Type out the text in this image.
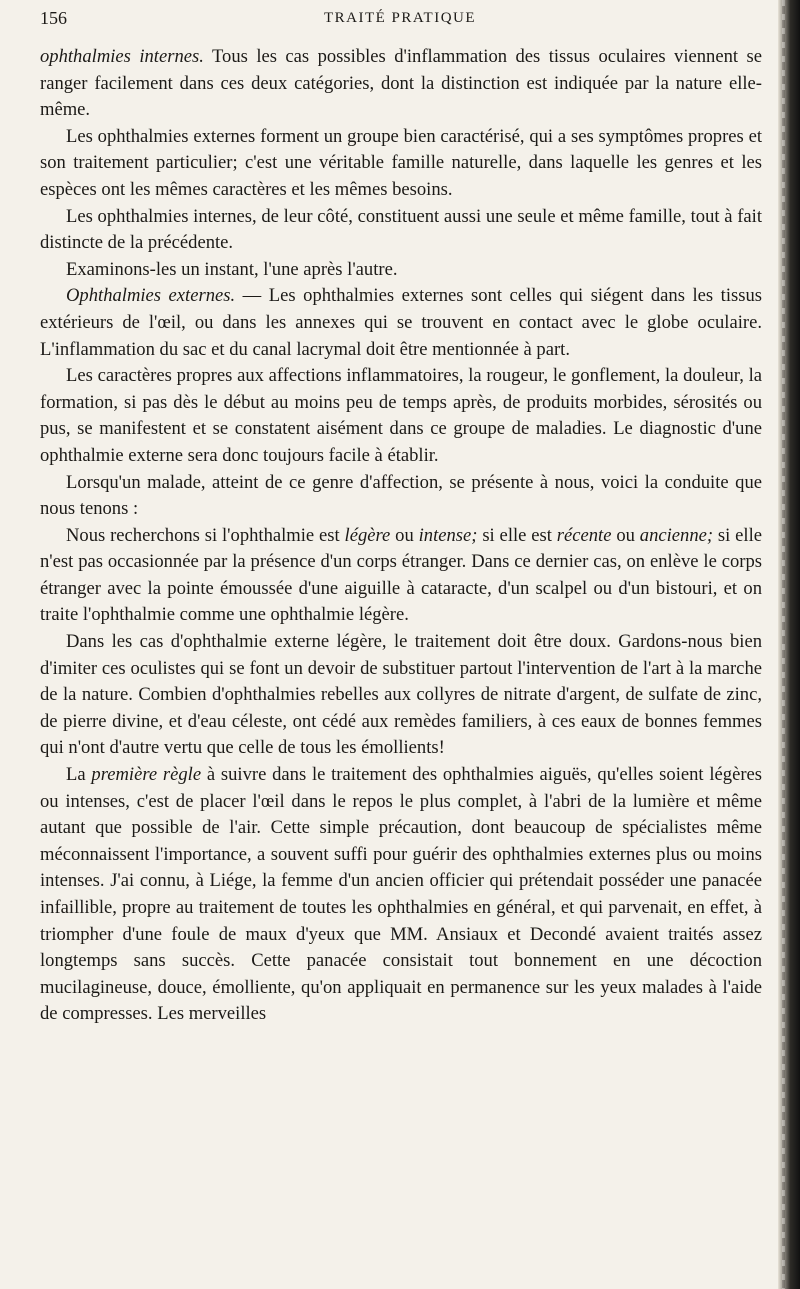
156	TRAITÉ PRATIQUE

ophthalmies internes. Tous les cas possibles d'inflammation des tissus oculaires viennent se ranger facilement dans ces deux catégories, dont la distinction est indiquée par la nature elle-même.

Les ophthalmies externes forment un groupe bien caractérisé, qui a ses symptômes propres et son traitement particulier; c'est une véritable famille naturelle, dans laquelle les genres et les espèces ont les mêmes caractères et les mêmes besoins.

Les ophthalmies internes, de leur côté, constituent aussi une seule et même famille, tout à fait distincte de la précédente.

Examinons-les un instant, l'une après l'autre.

Ophthalmies externes. — Les ophthalmies externes sont celles qui siégent dans les tissus extérieurs de l'œil, ou dans les annexes qui se trouvent en contact avec le globe oculaire. L'inflammation du sac et du canal lacrymal doit être mentionnée à part.

Les caractères propres aux affections inflammatoires, la rougeur, le gonflement, la douleur, la formation, si pas dès le début au moins peu de temps après, de produits morbides, sérosités ou pus, se manifestent et se constatent aisément dans ce groupe de maladies. Le diagnostic d'une ophthalmie externe sera donc toujours facile à établir.

Lorsqu'un malade, atteint de ce genre d'affection, se présente à nous, voici la conduite que nous tenons :

Nous recherchons si l'ophthalmie est légère ou intense; si elle est récente ou ancienne; si elle n'est pas occasionnée par la présence d'un corps étranger. Dans ce dernier cas, on enlève le corps étranger avec la pointe émoussée d'une aiguille à cataracte, d'un scalpel ou d'un bistouri, et on traite l'ophthalmie comme une ophthalmie légère.

Dans les cas d'ophthalmie externe légère, le traitement doit être doux. Gardons-nous bien d'imiter ces oculistes qui se font un devoir de substituer partout l'intervention de l'art à la marche de la nature. Combien d'ophthalmies rebelles aux collyres de nitrate d'argent, de sulfate de zinc, de pierre divine, et d'eau céleste, ont cédé aux remèdes familiers, à ces eaux de bonnes femmes qui n'ont d'autre vertu que celle de tous les émollients!

La première règle à suivre dans le traitement des ophthalmies aiguës, qu'elles soient légères ou intenses, c'est de placer l'œil dans le repos le plus complet, à l'abri de la lumière et même autant que possible de l'air. Cette simple précaution, dont beaucoup de spécialistes même méconnaissent l'importance, a souvent suffi pour guérir des ophthalmies externes plus ou moins intenses. J'ai connu, à Liége, la femme d'un ancien officier qui prétendait posséder une panacée infaillible, propre au traitement de toutes les ophthalmies en général, et qui parvenait, en effet, à triompher d'une foule de maux d'yeux que MM. Ansiaux et Decondé avaient traités assez longtemps sans succès. Cette panacée consistait tout bonnement en une décoction mucilagineuse, douce, émolliente, qu'on appliquait en permanence sur les yeux malades à l'aide de compresses. Les merveilles
